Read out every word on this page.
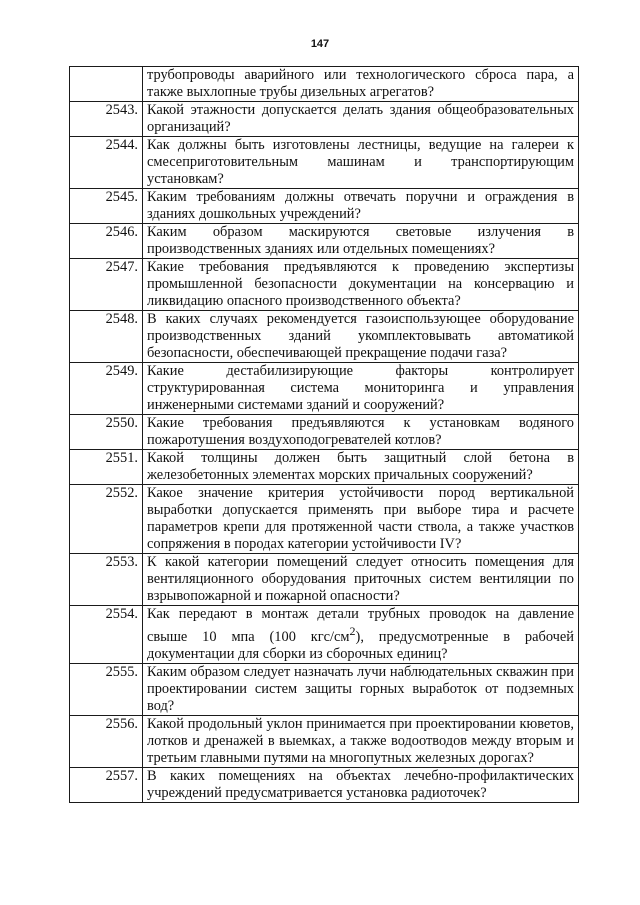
147
	трубопроводы аварийного или технологического сброса пара, а также выхлопные трубы дизельных агрегатов?
2543.	Какой этажности допускается делать здания общеобразовательных организаций?
2544.	Как должны быть изготовлены лестницы, ведущие на галереи к смесеприготовительным машинам и транспортирующим установкам?
2545.	Каким требованиям должны отвечать поручни и ограждения в зданиях дошкольных учреждений?
2546.	Каким образом маскируются световые излучения в производственных зданиях или отдельных помещениях?
2547.	Какие требования предъявляются к проведению экспертизы промышленной безопасности документации на консервацию и ликвидацию опасного производственного объекта?
2548.	В каких случаях рекомендуется газоиспользующее оборудование производственных зданий укомплектовывать автоматикой безопасности, обеспечивающей прекращение подачи газа?
2549.	Какие дестабилизирующие факторы контролирует структурированная система мониторинга и управления инженерными системами зданий и сооружений?
2550.	Какие требования предъявляются к установкам водяного пожаротушения воздухоподогревателей котлов?
2551.	Какой толщины должен быть защитный слой бетона в железобетонных элементах морских причальных сооружений?
2552.	Какое значение критерия устойчивости пород вертикальной выработки допускается применять при выборе тира и расчете параметров крепи для протяженной части ствола, а также участков сопряжения в породах категории устойчивости IV?
2553.	К какой категории помещений следует относить помещения для вентиляционного оборудования приточных систем вентиляции по взрывопожарной и пожарной опасности?
2554.	Как передают в монтаж детали трубных проводок на давление свыше 10 мпа (100 кгс/$см^2$), предусмотренные в рабочей документации для сборки из сборочных единиц?
2555.	Каким образом следует назначать лучи наблюдательных скважин при проектировании систем защиты горных выработок от подземных вод?
2556.	Какой продольный уклон принимается при проектировании кюветов, лотков и дренажей в выемках, а также водоотводов между вторым и третьим главными путями на многопутных железных дорогах?
2557.	В каких помещениях на объектах лечебно-профилактических учреждений предусматривается установка радиоточек?
